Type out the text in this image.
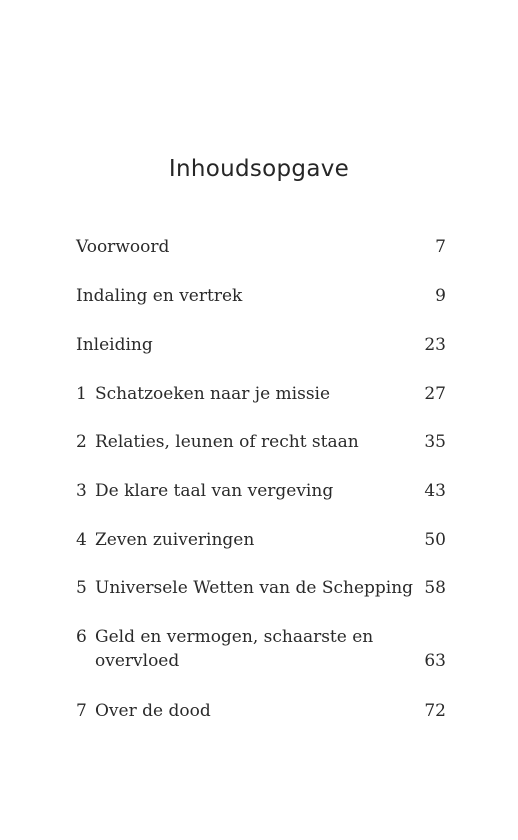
Inhoudsopgave
Voorwoord	7
Indaling en vertrek	9
Inleiding	23
1 Schatzoeken naar je missie	27
2 Relaties, leunen of recht staan	35
3 De klare taal van vergeving	43
4 Zeven zuiveringen	50
5 Universele Wetten van de Schepping 58
6 Geld en vermogen, schaarste en
overvloed	63
7 Over de dood	72
